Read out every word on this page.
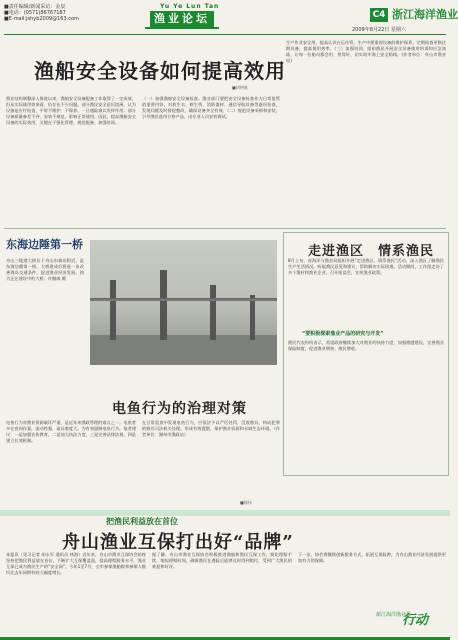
■责任编辑/新闻采访：金辰
■电话：(0571)86767187
■E-mail:jshyb2009@163.com
Yu Ye Lun Tan
渔业论坛	C4 浙江海洋渔业
2009年8月22日 星期六
渔船安全设备如何提高效用
■胡仲康
渔业结构调整深入推进以来，渔船安全设备配备工作取得了一定成效，但从实际使用效果看，仍存在不少问题。部分渔民安全意识淡薄，认为设备是应付检查，平时不维护、不保养，一旦遇险难以发挥作用；部分设备质量参差不齐，安装不规范，影响正常使用。因此，提高渔船安全设备的实际效用，关键在于强化管理、规范配备、加强培训。
（一）加强渔船安全设备检查。渔业部门要把安全设备检查作为日常监管的重要内容，对救生衣、救生筏、消防器材、通信导航设备等逐项检查，发现问题及时督促整改，确保设备齐全有效。（二）规范设备采购和安装，引导渔民选用合格产品，由专业人员安装调试。
生产作业安全用，提高认识在运作管，生产中要重视设备的维护保养，定期检查更换过期设备，提高使用效率。（三）加强培训，组织渔民开展安全设备使用培训和应急演练，让每一位船员都会用、用得好，切实筑牢海上安全防线。(作者单位：舟山市渔业局)
东海边陲第一桥
舟山三地港大桥位于舟山东极岛附近，是东海边陲第一桥。大桥建成后将进一步改善海岛交通条件，促进渔业经济发展。图为正在建设中的大桥。许继威 摄
电鱼行为的治理对策
电鱼行为对渔业资源破坏严重，是近年来渔政管理的难点之一。电鱼者多在夜间作案，流动性强，取证难度大。为有效遏制电鱼行为，笔者建议：一是加强宣传教育，二是加大执法力度，三是完善法律法规，四是建立长效机制。
在日常巡查中发现电鱼行为，应依法予以严厉处罚，没收渔具，构成犯罪的移送司法机关处理，形成有效震慑，保护渔业资源和水域生态环境。（作者单位：湖州市渔政站）
■徐伟
走进渔区　情系渔民
8月上旬，省海洋与渔业局组织开展“走进渔区、情系渔民”活动，深入渔区了解渔民生产生活情况，听取渔民意见和建议，帮助解决实际困难。活动期间，工作组走访了多个渔村和渔业企业，召开座谈会，宣传渔业政策。
“要积极探索渔业产品的研究与开发”
渔民代表纷纷表示，希望政府继续加大对渔业的扶持力度，加强渔港建设，完善渔业保险制度，促进渔业增效、渔民增收。
把渔民利益放在首位
舟山渔业互保打出好“品牌”
本报讯（见习记者 胡永军 通讯员 林海）近年来，舟山市渔业互保协会始终坚持把渔民利益放在首位，不断扩大互保覆盖面，提高理赔服务水平，渔业互保已成为渔民生产的“安全网”。今年1至7月，全市参保渔船数和参保人数均比去年同期有较大幅度增长。
据了解，舟山市渔业互保协会积极推进渔船和渔民互保工作，简化理赔手续，缩短理赔时间，确保渔民在遇险后能够及时得到赔付，受到广大渔民的欢迎和好评。
下一步，协会将继续创新服务方式，拓展互保险种，为舟山渔业经济发展提供更加有力的保障。
新江海洋渔业报
行动
